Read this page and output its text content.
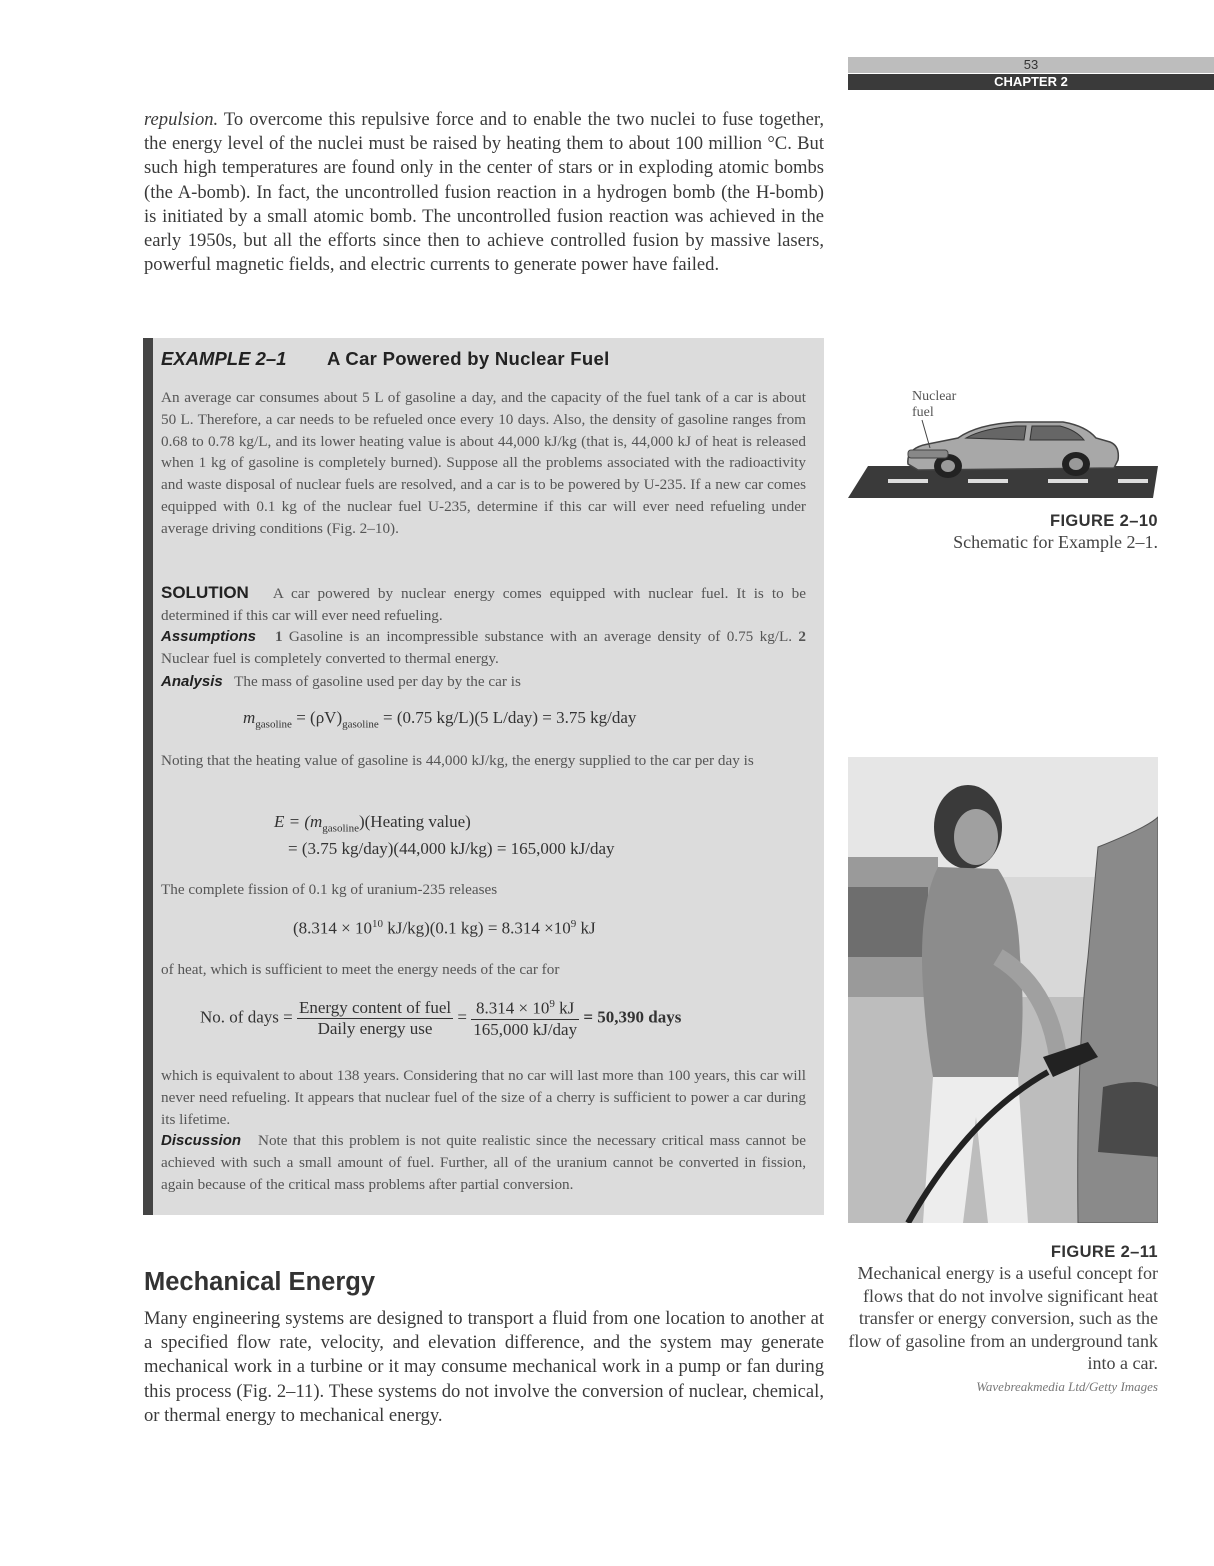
53
CHAPTER 2
repulsion. To overcome this repulsive force and to enable the two nuclei to fuse together, the energy level of the nuclei must be raised by heating them to about 100 million °C. But such high temperatures are found only in the center of stars or in exploding atomic bombs (the A-bomb). In fact, the uncontrolled fusion reaction in a hydrogen bomb (the H-bomb) is initiated by a small atomic bomb. The uncontrolled fusion reaction was achieved in the early 1950s, but all the efforts since then to achieve controlled fusion by massive lasers, powerful magnetic fields, and electric currents to generate power have failed.
EXAMPLE 2–1 A Car Powered by Nuclear Fuel
An average car consumes about 5 L of gasoline a day, and the capacity of the fuel tank of a car is about 50 L. Therefore, a car needs to be refueled once every 10 days. Also, the density of gasoline ranges from 0.68 to 0.78 kg/L, and its lower heating value is about 44,000 kJ/kg (that is, 44,000 kJ of heat is released when 1 kg of gasoline is completely burned). Suppose all the problems associated with the radioactivity and waste disposal of nuclear fuels are resolved, and a car is to be powered by U-235. If a new car comes equipped with 0.1 kg of the nuclear fuel U-235, determine if this car will ever need refueling under average driving conditions (Fig. 2–10).
SOLUTION A car powered by nuclear energy comes equipped with nuclear fuel. It is to be determined if this car will ever need refueling.
Assumptions 1 Gasoline is an incompressible substance with an average density of 0.75 kg/L. 2 Nuclear fuel is completely converted to thermal energy.
Analysis The mass of gasoline used per day by the car is
$m_{gasoline} = (\rho V)_{gasoline} = (0.75$ kg/L)(5 L/day) = 3.75 kg/day
Noting that the heating value of gasoline is 44,000 kJ/kg, the energy supplied to the car per day is
$E = (m_{gasoline})(Heating$ value)
= (3.75 kg/day)(44,000 kJ/kg) = 165,000 kJ/day
The complete fission of 0.1 kg of uranium-235 releases
($8.314 \times 10^{10}$ kJ/kg)(0.1 $kg) = 8.314 \times 10^9$ kJ
of heat, which is sufficient to meet the energy needs of the car for
No. of days = $\frac{\text{Energy content of fuel}}{\text{Daily energy use}} = \frac{8.314 \times 10^9 kJ}{\text{165,000 kJ/day}} = 50,390$ days
which is equivalent to about 138 years. Considering that no car will last more than 100 years, this car will never need refueling. It appears that nuclear fuel of the size of a cherry is sufficient to power a car during its lifetime.
Discussion Note that this problem is not quite realistic since the necessary critical mass cannot be achieved with such a small amount of fuel. Further, all of the uranium cannot be converted in fission, again because of the critical mass problems after partial conversion.
Nuclear
fuel
FIGURE 2–10
Schematic for Example 2–1.
FIGURE 2–11
Mechanical energy is a useful concept for flows that do not involve significant heat transfer or energy conversion, such as the flow of gasoline from an underground tank into a car.
Wavebreakmedia Ltd/Getty Images
Mechanical Energy
Many engineering systems are designed to transport a fluid from one location to another at a specified flow rate, velocity, and elevation difference, and the system may generate mechanical work in a turbine or it may consume mechanical work in a pump or fan during this process (Fig. 2–11). These systems do not involve the conversion of nuclear, chemical, or thermal energy to mechanical energy.
